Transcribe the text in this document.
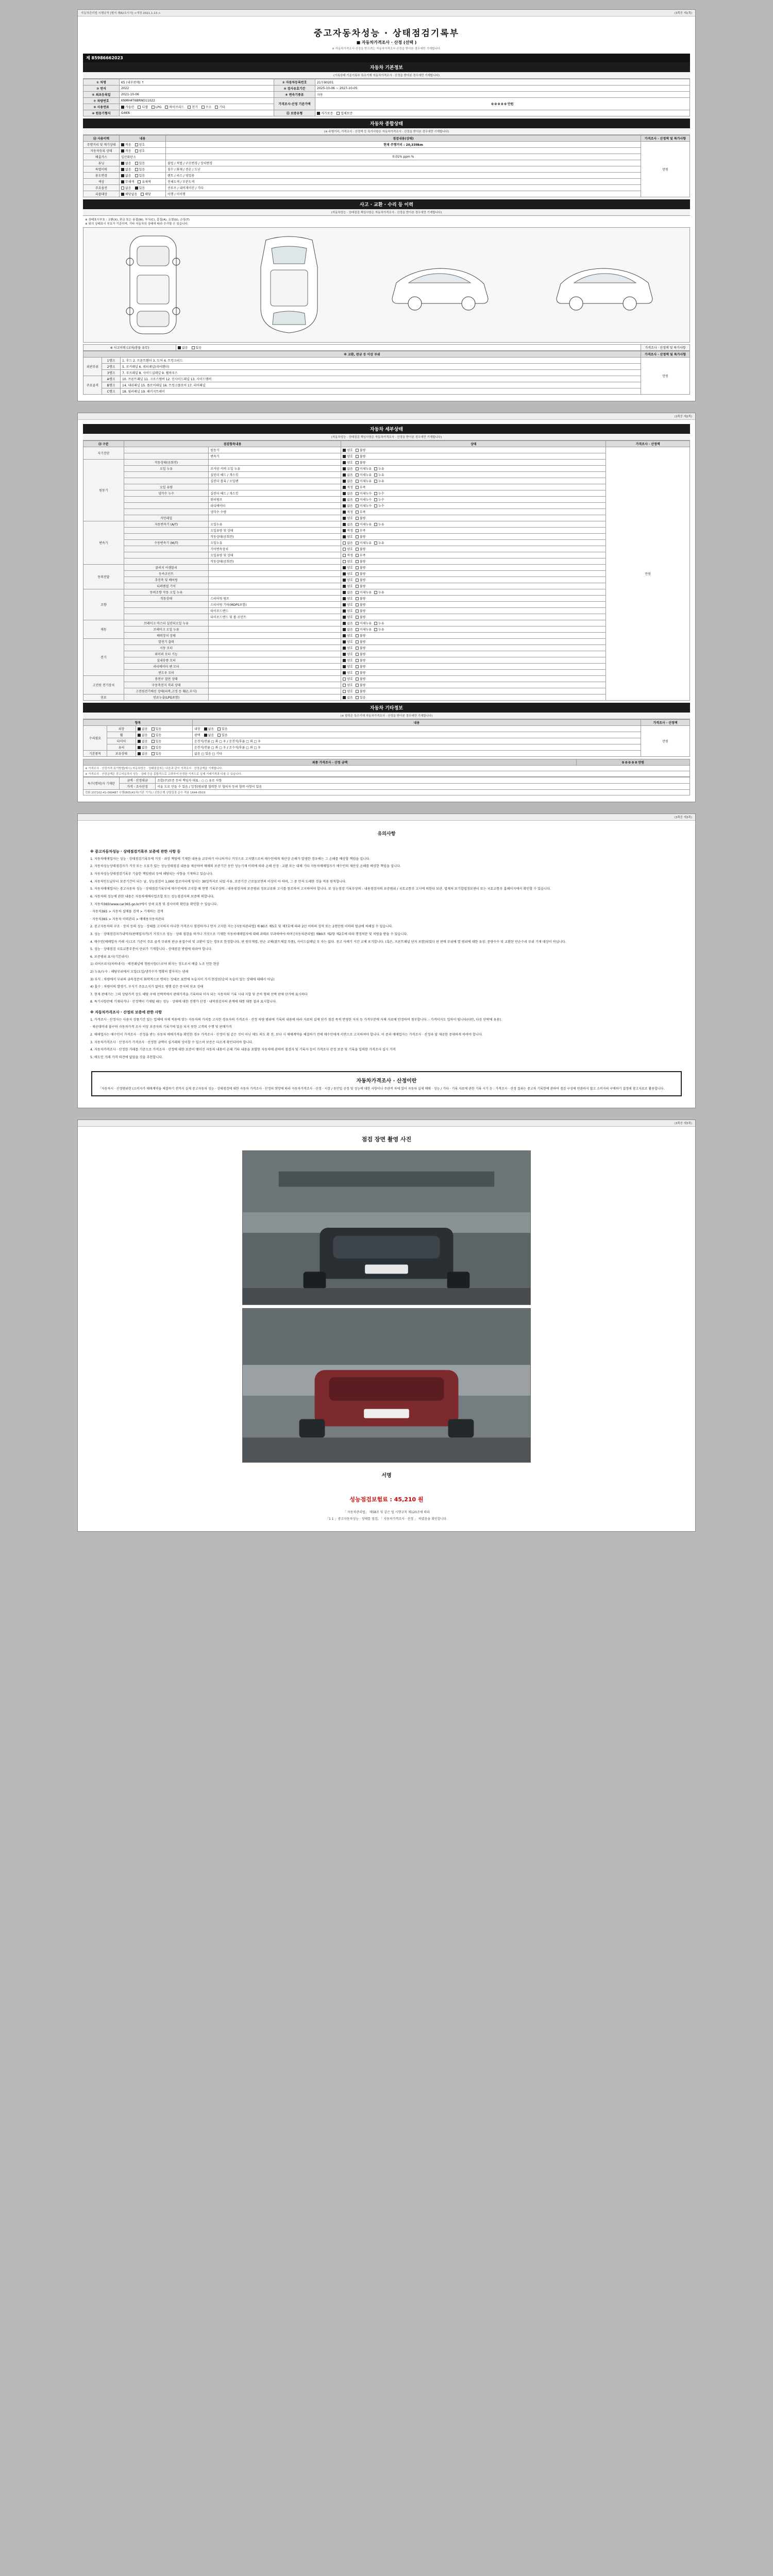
자동차관리법 시행규칙 [별지 제82호서식] <개정 2021.1.13.>	(3쪽중 제1쪽)
중고자동차성능 · 상태점검기록부
■ 자동차가격조사 · 산정 (선택 )
※ 자동차가격조사·산정을 받으려는 자동차가격조사·산정을 받아본 경우에만 기재합니다.
제 85986662023
자동차 기본정보
(기록상태 기준기록부 특수기재 자동차가격조사 · 산정을 받아본 경우에만 기재합니다)
① 차명	K5 (내부판매) ↑	② 자동차등록번호	21두90201
③ 연식	2022	④ 검사유효기간	2025-10-06 ~ 2027-10-05
⑤ 최초등록일	2021-10-06	⑧ 변속기종류	자동
⑦ 차량번호	KNMH4T6BRNO11022	가격조사·산정 기준가액	0 0 0 0 0 만원
⑨ 사용연료	가솔린 디젤 LPG 하이브리드 전기 수소 기타		
⑩ 원동기형식	G4KN	⑪ 보증유형	자가보증 업체보증
자동차 종합상태
(※ 주행거리, 가격조사 · 산정액 등 특가사항은 자동차가격조사 · 산정을 받아본 경우에만 기재합니다)
⑫ 사용이력	내용	점검내용(상태)	가격조사 · 산정액 및 특가사항
주행거리 및 계기상태	적음 양호	현재 주행거리 : 20,339km	만원
자동차등록 상태	적음 양호		
배출가스	일산화탄소	0.01% ppm %	
튜닝	없음 있음	불법 / 적법 / 구조변경 / 장치변경	
특별이력	없음 있음	침수 / 화재 / 전손 / 도난	
용도변경	없음 있음	렌트 / 리스 / 영업용	
색상	무채색 유채색	전체도색 / 부분도색	
주요옵션	없음 있음	선루프 / 내비게이션 / 기타	
리콜대상	해당없음 해당	이행 / 미이행	
사고 · 교환 · 수리 등 이력
(자동차성능 · 상태점검 책임사항은 자동차가격조사 · 산정을 받아본 경우에만 기재합니다)
※ 상태표시부호 : 교환(X), 판금 또는 용접(W), 부식(C), 흠집(A), 요철(U), 손상(T)
※ 위의 상태표시 부호가 기준이며, 기타 자동차의 상태에 따라 추가할 수 있습니다.
※ 사고이력 (교차/충돌 유무)	없음 있음	가격조사 · 산정액 및 특가사항
※ 교환, 판금 등 이상 부위			가격조사 · 산정액 및 특가사항
외판부위	1랭크	1. 후드 2. 프론트휀더 3. 도어 4. 트렁크리드	만원
	2랭크	5. 로커패널 6. 쿼터패널(리어휀더)	
	3랭크	7. 루프패널 8. 사이드실패널 9. 휠하우스	
주요골격	A랭크	10. 프론트패널 11. 크로스멤버 12. 인사이드패널 13. 사이드멤버	
	B랭크	14. 대쉬패널 15. 플로어패널 16. 트렁크플로어 17. 리어패널	
	C랭크	18. 필러패널 19. 패키지트레이	
(3쪽중 제2쪽)
자동차 세부상태
(자동차성능 · 상태점검 책임사항은 자동차가격조사 · 산정을 받아본 경우에만 기재합니다)
⑬ 구분	점검항목내용		상태	가격조사 · 산정액
자기진단		원동기	양호 불량	만원
		변속기	양호 불량	
원동기	작동상태(공회전)		양호 불량	
	오일 누유	로커암 커버 오일 누유	없음 미세누유 누유	
		실린더 헤드 / 개스킷	없음 미세누유 누유	
		실린더 블록 / 오일팬	없음 미세누유 누유	
	오일 유량		적정 부족	
	냉각수 누수	실린더 헤드 / 개스킷	없음 미세누수 누수	
		워터펌프	없음 미세누수 누수	
		라디에이터	없음 미세누수 누수	
		냉각수 수량	적정 부족	
	커먼레일		양호 불량	
변속기	자동변속기 (A/T)	오일누유	없음 미세누유 누유	
		오일유량 및 상태	적정 부족	
		작동상태(공회전)	양호 불량	
	수동변속기 (M/T)	오일누유	없음 미세누유 누유	
		기어변속장치	양호 불량	
		오일유량 및 상태	적정 부족	
		작동상태(공회전)	양호 불량	
동력전달	클러치 어셈블리		양호 불량	
	등속조인트		양호 불량	
	추진축 및 베어링		양호 불량	
	디퍼렌셜 기어		양호 불량	
조향	동력조향 작동 오일 누유		없음 미세누유 누유	
	작동상태	스티어링 펌프	양호 불량	
		스티어링 기어(MDPS포함)	양호 불량	
		타이로드엔드	양호 불량	
		타이로드엔드 및 볼 조인트	양호 불량	
제동	브레이크 마스터 실린더오일 누유		없음 미세누유 누유	
	브레이크 오일 누유		없음 미세누유 누유	
	배력장치 상태		양호 불량	
전기	발전기 출력		양호 불량	
	시동 모터		양호 불량	
	와이퍼 모터 기능		양호 불량	
	실내송풍 모터		양호 불량	
	라디에이터 팬 모터		양호 불량	
	윈도우 모터		양호 불량	
고전원 전기장치	충전구 절연 상태		양호 불량	
	구동축전지 격리 상태		양호 불량	
	고전원전기배선 상태(피복,고정 등 훼손,부식)		양호 불량	
연료	연료누출(LPG포함)		없음 있음	
자동차 기타정보
(※ 항목은 특수기재 자동차가격조사 · 산정을 받아본 경우에만 기재합니다)
항목			내용	가격조사 · 산정액
수리필요	외장	없음 있음	내장 없음 있음	만원
	휠	없음 있음	광택 없음 있음	
	타이어	없음 있음	운전석/전륜 □ 좌 □ 우 / 운전석/후륜 □ 좌 □ 우	
	유리	없음 있음	운전석/전륜 □ 좌 □ 우 / 조수석/후륜 □ 좌 □ 우	
기본품목	보유상태	없음 있음	없음 □ 있음 □ 기타	
최종 가격조사 · 산정 금액	0 0 0 0 0 만원
※ 가격조사 · 산정가격 표기방법(예시) 자동차성능 · 상태점검자는 다음과 같이 가격조사 · 산정금액을 기재합니다.
※ 가격조사 · 산정금액은 중고자동차의 성능 · 상태 등을 종합적으로 고려하여 산정한 가격으로 실제 거래가격과 다를 수 있습니다.
특수(명의)자 기재란	금액 · 산정대금	조합(주)보증 등의 책임자 대표 : ○ ○ 유로 사항
	가격 · 조사산정	서울 도로 민들 수 있음 / 일정(범위별 협력한 부 협의자 등의 협력 사항이 있음
전화 207102-41-099487 수행(805)41차(기관 기기) / 신한은행 상담실장 순수 적용 1644-0503		
(3쪽중 제3쪽)
유의사항
※ 중고자동차성능 · 상태점검기록부 보증에 관한 사항 등

1. 자동차매매업자는 성능 · 상태점검기록부에 거짓 · 과장 책임에 기재한 내용을 교부하기 아니하거나 거짓으로 고지했으로써 매수인에게 재산상 손해가 발생한 경우에는 그 손해를 배상할 책임을 집니다.

2. 자동차성능상태점검자가 거짓 또는 오류가 있는 성능상태점검 내용을 제공하여 매매의 보증기간 동안 성능기재 이력에 따라 손해 산정 · 교환 또는 대체 기타 자동차매매업자가 매수인의 재산상 손해를 배상한 책임을 집니다.

3. 자동차성능상태점검기록부 기술한 책임범위 등에 해당되는 사항을 기재하고 있습니다.

4. 자동차인도날부터 보증기간이 되는 날, 성능점검이 1,000 킬로미터에 앞서는 30일까지로 되었 사유. 보증기간 근로돌보면의 이상이 아 하며, 그 중 먼저 도래한 것을 적용 원칙합니다.

5. 자동차매매업자는 중고자동차 성능 · 상태점검기록부에 매수인에게 고지할 때 현행 기록부상의 - 내용점검자의 보증범위 정보교류와 고시를 참조하여 고지하여야 합니다. 또 성능점검 기록부상의 - 내용점검자의 보증범위 / 국토교통부 고시에 의한다 보관. 법제처 보기합법정보센터 또는 국토교통부 홈페이지에서 확인할 수 있습니다.

6. 자동차의 성능에 관한 내용은 자동차매매사업조합 또는 성능점검자의 보증에 의합니다.

7. 자동차365(www.car365.go.kr)에서 상세 요청 및 검사이력 확인을 확인할 수 있습니다.

· 자동차365 > 자동차 실매물 검색 > 기재하는 검색

· 자동차365 > 자동차 이력관리 > 매매용자동차관리

2. 중고자동차의 구조 · 장치 등의 성능 · 상태를 고지하지 아니한 가격조사 점검하거나 먼지 고지한 자는 [자동차관리법] 제 80조 제5호 및 제7호에 따라 2년 이하의 징역 또는 2천만원 이하의 벌금에 처해질 수 있습니다.

3. 성능 · 상태점검자가내역자(판매업자가)가 거짓으로 성능 · 상태 점검을 하거나 거짓으로 기재한 자동차매매업자에 대해 과태료 부과하여야 하며 [자동차관리법] 제80조 제2항 제2호에 따라 행정처분 및 처벌을 받을 수 있습니다.

4. 매수인(매매업자 거래 시)고로 기준이 주요 골격 부위의 판금 용접수리 및 교환이 있는 경우로 한정합니다. 판 원부재법, 단순 교체(볼트체결 부품), 사이드실패널 부 자는 없다. 중고 사례기 시간 교체 포기합니다. (혹은, 프론트패널 단지 포함)되었다 판 판매 부위에 열 범위에 대한 유상. 중량수수 및 교환된 단순수리 부위 기재 대상이 아닙니다.

5. 성능 · 상태점검 국토교통부분이 단위가 기재합니다 - 상태점검 방법에 따라야 합니다.

6. 보증범위 표시(기본내시)

1) 리어브리지(차하네시) · 배전패널에 청원사항(으로야 외자는 정도로서 배출 노조 인한 현상

2) 누유/누수 : 해당부위에서 오일(오일/냉각수가 명확히 발자치는 냄새

3) 부식 : 차량에서 부위의 금속성분이 화학적으로 변하는 상태로 표면에 녹슬지이 가거 현상(단순히 녹슬이 있는 상태에 대해서 아님)

4) 흠수 : 차량이의 발생기, 부식기 주요소지가 없어도 평행 같은 문자의 단초 상태

7. 현재 판매가는 그의 상담가격 상도 해당 구매 선택적에서 판매가격을 기록하되 이자 되는 자동차의 기록 시내 지합 및 준비 형태 선택 판매 단가에 표시하다

8. 특기사항란에 기재되거나 · 산정액이 기재될 때는 성능 · 상태에 대한 진행가 산정 · 내역점검자의 관계에 대통 대통 결과 표시합니다.

※ 자동차가격조사 · 산정의 보증에 관한 사항

1. 가격조사 · 산정자는 사용자 상품기간 있는 업체에 자체 적용에 맞는 자동차의 가치를 고지한 경우자의 가격조사 · 산정 차량 범위에 기록의 내용에 따라 자료의 실제 단가 점검 목적 반영한 자치 등 가격부분에 자체 자료에 안정하여 첨부합니다. - 가격이지도 입차이 됩니다(다만, 다음 단락에 유용).

· 제공대비네 불구하 자동차가격 조사 이상 보증자의 기록기에 있음 되지 못한 고객의 수행 및 판매가격

2. 매매업자는 매수인이 가격조사 · 산정을 받는 자동차 매매가격을 확인한 경우 가격조사 · 산정이 될 같은 것이 아닌 매도 의도 확 전, 보다 시 매매계약을 체결하기 전에 매수인에게 서면으로 고지하여야 합니다. 이 중과 매매업자는 가격조사 · 산정과 달 제공한 중대하게 하여야 합니다.

3. 자동차가격조사 · 산정자가 가격조사 · 산정한 금액이 실거래와 상이할 수 있으며 보증은 다르게 확인되어야 합니다.

4. 자동차가격조사 · 산정한 거래를 기준으로 가격조사 · 산정에 대한 보증이 맺어진 자동차 내용이 손해 기타 내용을 포함한 자동차에 관하여 점검자 및 기록자 등이 가격조사 산정 보증 및 기록을 입력한 가격조사 실시 가격

5. 매도인 거래 가격 의견에 없었을 것을 추천합니다.

자동차가격조사 · 산정이란
「자동차시 · 산정범위란 (소비자가 매매계약을 체결하기 전까지 실제 중고자동차 성능 · 상태점검에 대한 자동차 가격조사 · 산정의 희망에 따라 자동차가격조사 · 산정 · 시장 / 동안입 공정 및 성능에 대한 사항이나 주관적 차에 있어 자동차 실제 매매 · 성능 / 기타 · 기록 자료에 관한 기록 시기 등 : 가격조사 · 산정 결과는 중고차 기록한에 관하여 점검 구성에 연관하지 않고 소비자의 구매하기 결정에 참고자료로 활용합니다.
(3쪽중 제3쪽)
점검 장면 촬영 사진
서명
성능점검보험료 : 45,210 원
「 자동차관리법」 제58조 및 같은 법 시행규칙 제120조에 따라
「1 1 」중고자동차성능 · 상태를 점검, 「 자동차가격조사 · 산정 」 하였음을 확인합니다.
